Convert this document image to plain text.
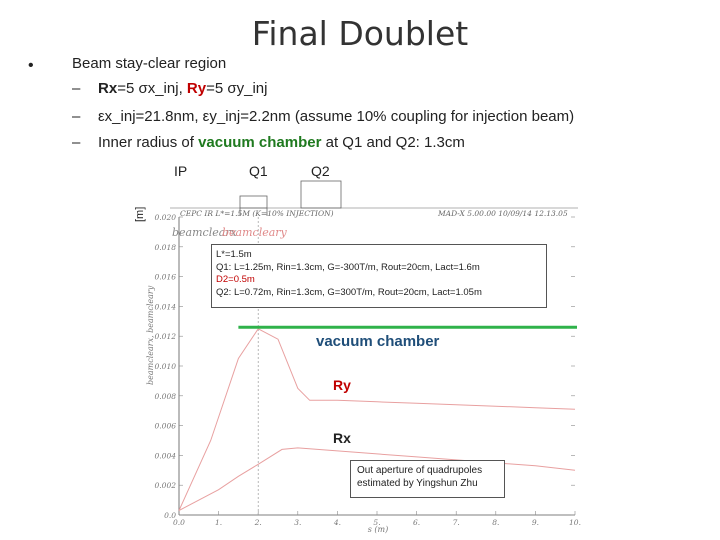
Final Doublet
•	Beam stay-clear region
– Rx=5 σx_inj, Ry=5 σy_inj
– εx_inj=21.8nm, εy_inj=2.2nm (assume 10% coupling for injection beam)
– Inner radius of vacuum chamber at Q1 and Q2: 1.3cm
IP	Q1	Q2
CEPC IR L*=1.5M (K=10% INJECTION)	MAD-X 5.00.00 10/09/14 12.13.05
beamclearx
beamcleary
0.0
0.002
0.004
0.006
0.008
0.010
0.012
0.014
0.016
0.018
0.020
0.0	1.	2.	3.	4.	5.	6.	7.	8.	9.	10.
s (m)
beamclearx, beamcleary
[m]
L*=1.5m
Q1: L=1.25m, Rin=1.3cm, G=-300T/m, Rout=20cm, Lact=1.6m
D2=0.5m
Q2: L=0.72m, Rin=1.3cm, G=300T/m, Rout=20cm, Lact=1.05m
vacuum chamber
Ry
Rx
Out aperture of quadrupoles
estimated by Yingshun Zhu
